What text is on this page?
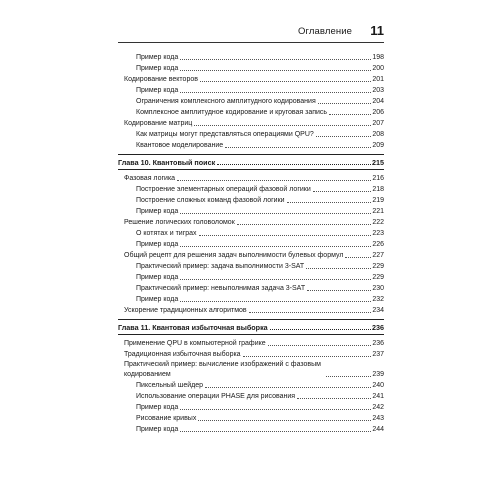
Оглавление 11
Пример кода	198
Пример кода	200
Кодирование векторов	201
Пример кода	203
Ограничения комплексного амплитудного кодирования	204
Комплексное амплитудное кодирование и круговая запись	206
Кодирование матриц	207
Как матрицы могут представляться операциями QPU?	208
Квантовое моделирование	209
Глава 10. Квантовый поиск	215
Фазовая логика	216
Построение элементарных операций фазовой логики	218
Построение сложных команд фазовой логики	219
Пример кода	221
Решение логических головоломок	222
О котятах и тиграх	223
Пример кода	226
Общий рецепт для решения задач выполнимости булевых формул	227
Практический пример: задача выполнимости 3-SAT	229
Пример кода	229
Практический пример: невыполнимая задача 3-SAT	230
Пример кода	232
Ускорение традиционных алгоритмов	234
Глава 11. Квантовая избыточная выборка	236
Применение QPU в компьютерной графике	236
Традиционная избыточная выборка	237
Практический пример: вычисление изображений с фазовым кодированием	239
Пиксельный шейдер	240
Использование операции PHASE для рисования	241
Пример кода	242
Рисование кривых	243
Пример кода	244
